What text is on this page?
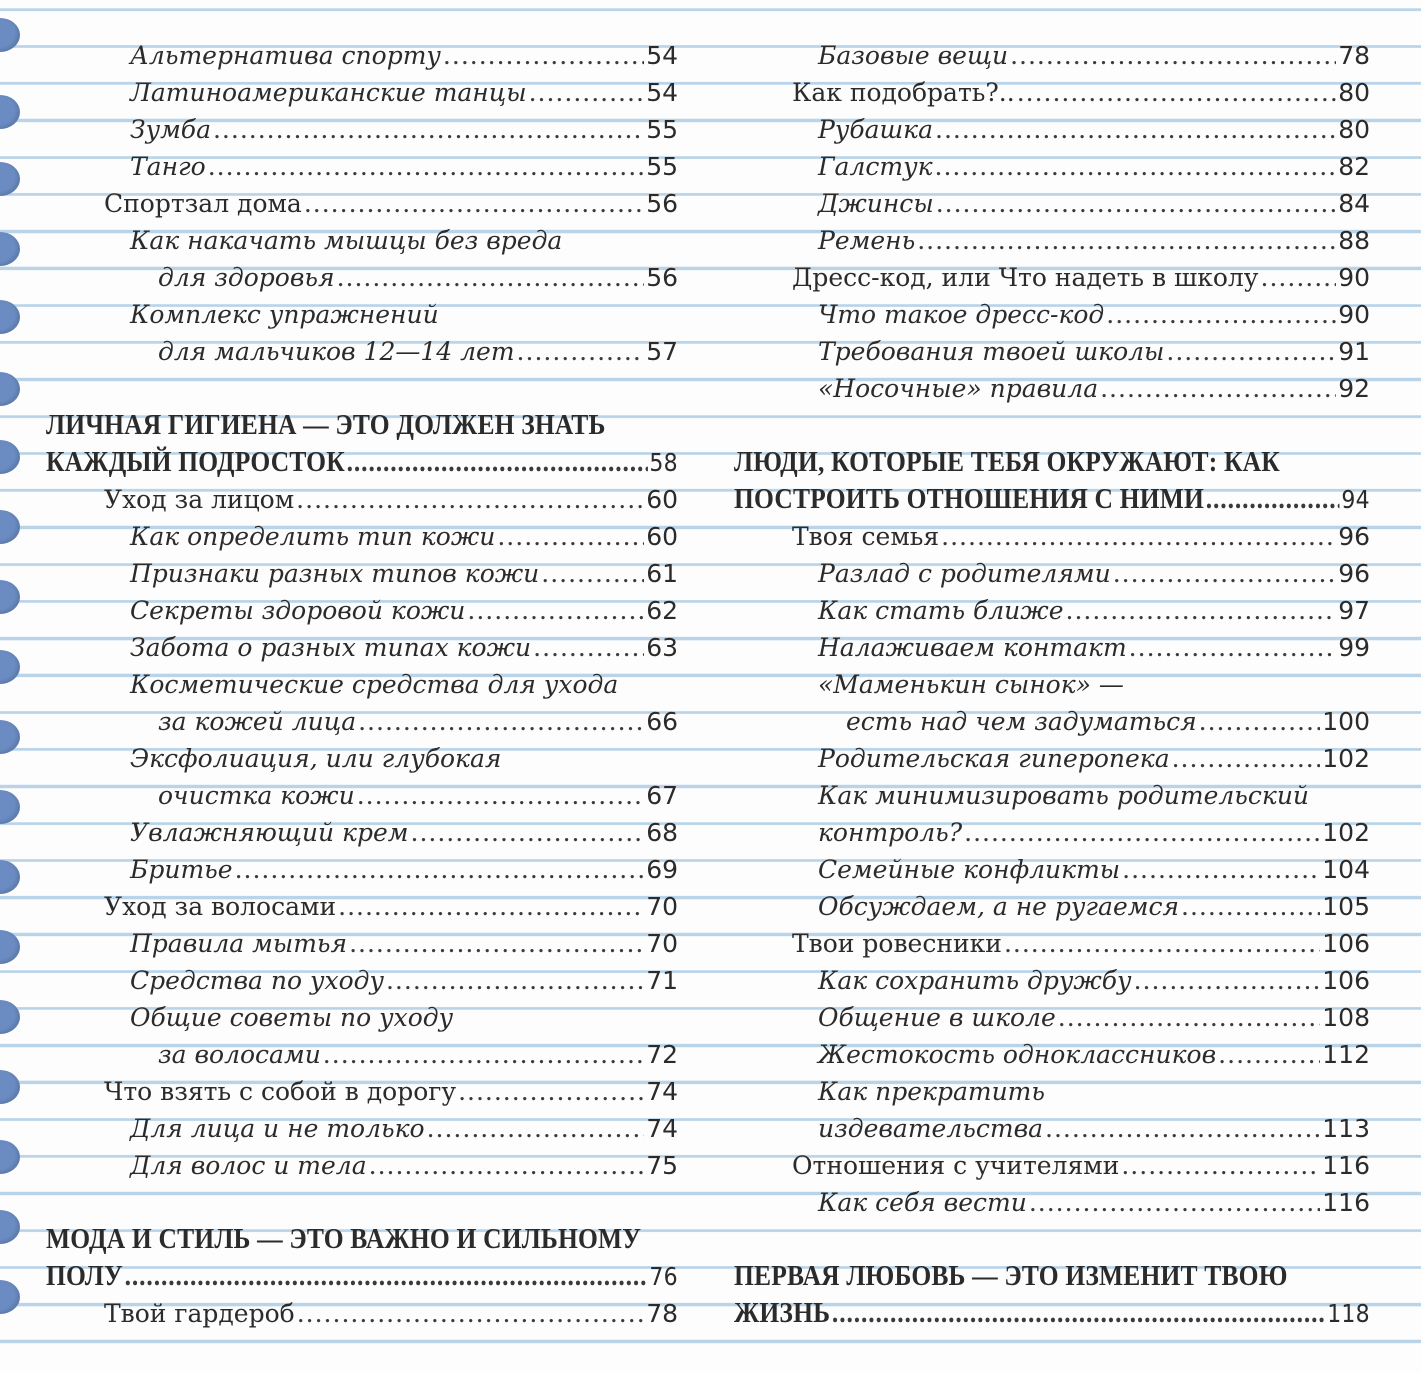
Альтернатива спорту .....	54
Латиноамериканские танцы .....	54
Зумба .....	55
Танго .....	55
Спортзал дома .....	56
Как накачать мышцы без вреда
для здоровья .....	56
Комплекс упражнений
для мальчиков 12—14 лет .....	57
ЛИЧНАЯ ГИГИЕНА — ЭТО ДОЛЖЕН ЗНАТЬ
КАЖДЫЙ ПОДРОСТОК .....	58
Уход за лицом .....	60
Как определить тип кожи .....	60
Признаки разных типов кожи .....	61
Секреты здоровой кожи .....	62
Забота о разных типах кожи .....	63
Косметические средства для ухода
за кожей лица .....	66
Эксфолиация, или глубокая
очистка кожи .....	67
Увлажняющий крем .....	68
Бритье .....	69
Уход за волосами .....	70
Правила мытья .....	70
Средства по уходу .....	71
Общие советы по уходу
за волосами .....	72
Что взять с собой в дорогу .....	74
Для лица и не только .....	74
Для волос и тела .....	75
МОДА И СТИЛЬ — ЭТО ВАЖНО И СИЛЬНОМУ
ПОЛУ .....	76
Твой гардероб .....	78
Базовые вещи .....	78
Как подобрать?.. .....	80
Рубашка .....	80
Галстук .....	82
Джинсы .....	84
Ремень .....	88
Дресс-код, или Что надеть в школу .....	90
Что такое дресс-код .....	90
Требования твоей школы .....	91
«Носочные» правила .....	92
ЛЮДИ, КОТОРЫЕ ТЕБЯ ОКРУЖАЮТ: КАК
ПОСТРОИТЬ ОТНОШЕНИЯ С НИМИ .....	94
Твоя семья .....	96
Разлад с родителями .....	96
Как стать ближе .....	97
Налаживаем контакт .....	99
«Маменькин сынок» —
есть над чем задуматься .....	100
Родительская гиперопека .....	102
Как минимизировать родительский
контроль? .....	102
Семейные конфликты .....	104
Обсуждаем, а не ругаемся .....	105
Твои ровесники .....	106
Как сохранить дружбу .....	106
Общение в школе .....	108
Жестокость одноклассников .....	112
Как прекратить
издевательства .....	113
Отношения с учителями .....	116
Как себя вести .....	116
ПЕРВАЯ ЛЮБОВЬ — ЭТО ИЗМЕНИТ ТВОЮ
ЖИЗНЬ .....	118
